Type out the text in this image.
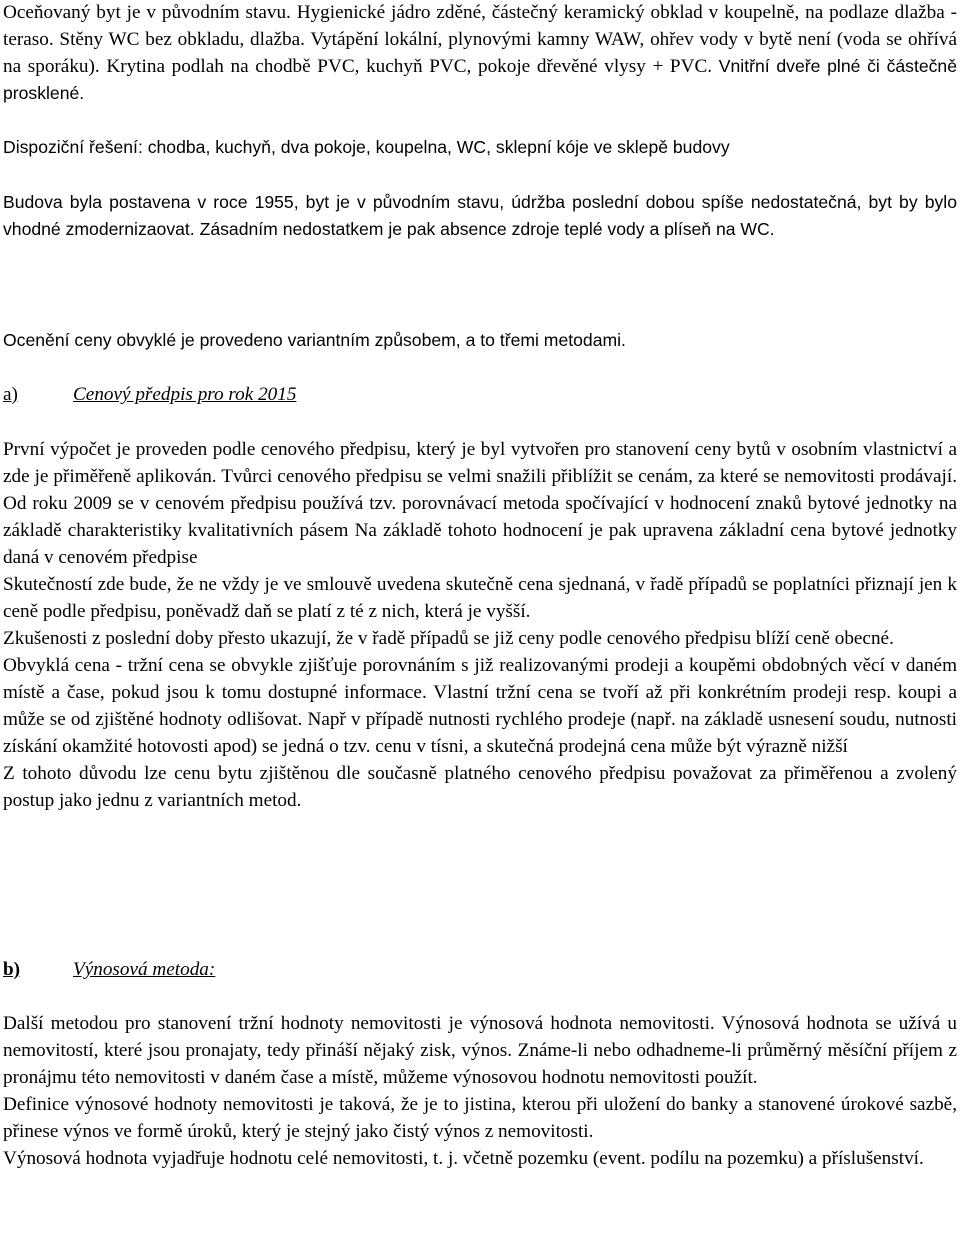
Oceňovaný byt je v původním stavu. Hygienické jádro zděné, částečný keramický obklad v koupelně, na podlaze dlažba - teraso. Stěny WC bez obkladu, dlažba. Vytápění lokální, plynovými kamny WAW, ohřev vody v bytě není (voda se ohřívá na sporáku). Krytina podlah na chodbě PVC, kuchyň PVC, pokoje dřevěné vlysy + PVC. Vnitřní dveře plné či částečně prosklené.

Dispoziční řešení: chodba, kuchyň, dva pokoje, koupelna, WC, sklepní kóje ve sklepě budovy

Budova byla postavena v roce 1955, byt je v původním stavu, údržba poslední dobou spíše nedostatečná, byt by bylo vhodné zmodernizaovat. Zásadním nedostatkem je pak absence zdroje teplé vody a plíseň na WC.

Ocenění ceny obvyklé je provedeno variantním způsobem, a to třemi metodami.

a)	Cenový předpis pro rok 2015

První výpočet je proveden podle cenového předpisu, který je byl vytvořen pro stanovení ceny bytů v osobním vlastnictví a zde je přiměřeně aplikován. Tvůrci cenového předpisu se velmi snažili přiblížit se cenám, za které se nemovitosti prodávají. Od roku 2009 se v cenovém předpisu používá tzv. porovnávací metoda spočívající v hodnocení znaků bytové jednotky na základě charakteristiky kvalitativních pásem Na základě tohoto hodnocení je pak upravena základní cena bytové jednotky daná v cenovém předpise

Skutečností zde bude, že ne vždy je ve smlouvě uvedena skutečně cena sjednaná, v řadě případů se poplatníci přiznají jen k ceně podle předpisu, poněvadž daň se platí z té z nich, která je vyšší.

Zkušenosti z poslední doby přesto ukazují, že v řadě případů se již ceny podle cenového předpisu blíží ceně obecné.

Obvyklá cena - tržní cena se obvykle zjišťuje porovnáním s již realizovanými prodeji a koupěmi obdobných věcí v daném místě a čase, pokud jsou k tomu dostupné informace. Vlastní tržní cena se tvoří až při konkrétním prodeji resp. koupi a může se od zjištěné hodnoty odlišovat. Např v případě nutnosti rychlého prodeje (např. na základě usnesení soudu, nutnosti získání okamžité hotovosti apod) se jedná o tzv. cenu v tísni, a skutečná prodejná cena může být výrazně nižší

Z tohoto důvodu lze cenu bytu zjištěnou dle současně platného cenového předpisu považovat za přiměřenou a zvolený postup jako jednu z variantních metod.

b)	Výnosová metoda:

Další metodou pro stanovení tržní hodnoty nemovitosti je výnosová hodnota nemovitosti. Výnosová hodnota se užívá u nemovitostí, které jsou pronajaty, tedy přináší nějaký zisk, výnos. Známe-li nebo odhadneme-li průměrný měsíční příjem z pronájmu této nemovitosti v daném čase a místě, můžeme výnosovou hodnotu nemovitosti použít.

Definice výnosové hodnoty nemovitosti je taková, že je to jistina, kterou při uložení do banky a stanovené úrokové sazbě, přinese výnos ve formě úroků, který je stejný jako čistý výnos z nemovitosti.

Výnosová hodnota vyjadřuje hodnotu celé nemovitosti, t. j. včetně pozemku (event. podílu na pozemku) a příslušenství.
